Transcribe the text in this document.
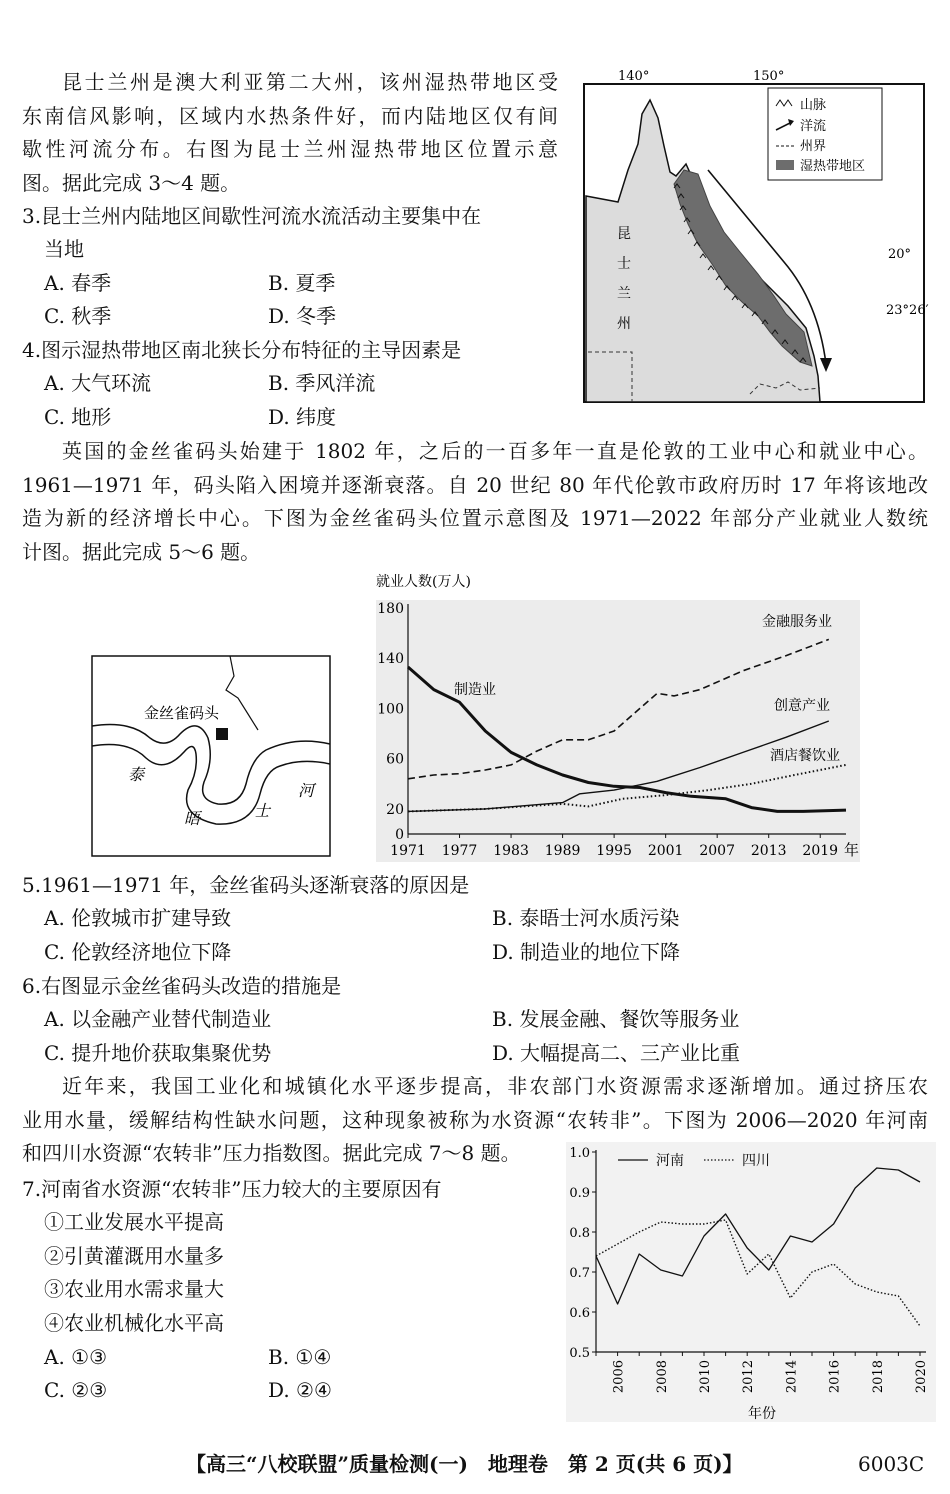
昆士兰州是澳大利亚第二大州，该州湿热带地区受
东南信风影响，区域内水热条件好，而内陆地区仅有间
歇性河流分布。右图为昆士兰州湿热带地区位置示意
图。据此完成 3～4 题。
3.昆士兰州内陆地区间歇性河流水流活动主要集中在
当地
A. 春季	B. 夏季
C. 秋季	D. 冬季
4.图示湿热带地区南北狭长分布特征的主导因素是
A. 大气环流	B. 季风洋流
C. 地形	D. 纬度
140°	150°
20°
23°26′
昆
士
兰
州
山脉
洋流
州界
湿热带地区
英国的金丝雀码头始建于 1802 年，之后的一百多年一直是伦敦的工业中心和就业中心。
1961—1971 年，码头陷入困境并逐渐衰落。自 20 世纪 80 年代伦敦市政府历时 17 年将该地改
造为新的经济增长中心。下图为金丝雀码头位置示意图及 1971—2022 年部分产业就业人数统
计图。据此完成 5～6 题。
金丝雀码头
泰
晤	士
河
就业人数(万人)
年
180
140
100
60
20
0
1971 1977 1983 1989 1995 2001 2007 2013 2019
金融服务业
制造业
创意产业
酒店餐饮业
5.1961—1971 年，金丝雀码头逐渐衰落的原因是
A. 伦敦城市扩建导致	B. 泰晤士河水质污染
C. 伦敦经济地位下降	D. 制造业的地位下降
6.右图显示金丝雀码头改造的措施是
A. 以金融产业替代制造业	B. 发展金融、餐饮等服务业
C. 提升地价获取集聚优势	D. 大幅提高二、三产业比重
近年来，我国工业化和城镇化水平逐步提高，非农部门水资源需求逐渐增加。通过挤压农
业用水量，缓解结构性缺水问题，这种现象被称为水资源“农转非”。下图为 2006—2020 年河南
和四川水资源“农转非”压力指数图。据此完成 7～8 题。
7.河南省水资源“农转非”压力较大的主要原因有
①工业发展水平提高
②引黄灌溉用水量多
③农业用水需求量大
④农业机械化水平高
A. ①③	B. ①④
C. ②③	D. ②④
1.0
0.9
0.8
0.7
0.6
0.5
2006 2008 2010 2012 2014 2016 2018 2020
河南	四川
年份
【高三“八校联盟”质量检测(一)　地理卷　第 2 页(共 6 页)】	6003C
